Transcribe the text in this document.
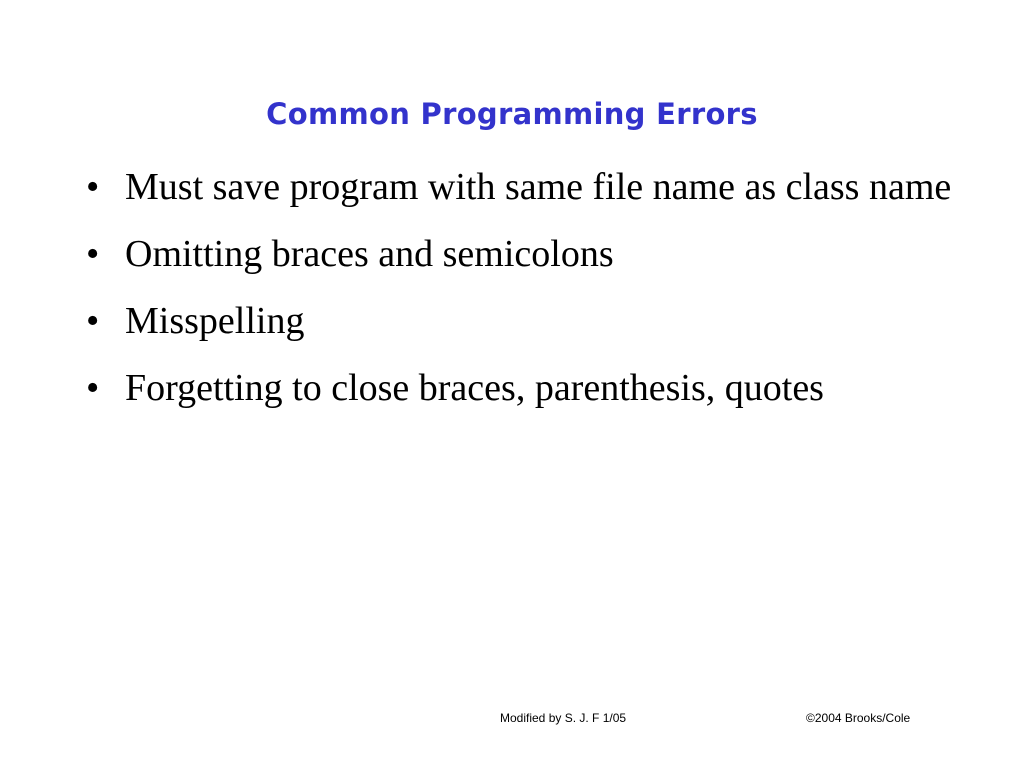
Common Programming Errors
• Must save program with same file name as class name
• Omitting braces and semicolons
• Misspelling
• Forgetting to close braces, parenthesis, quotes
Modified by S. J. F 1/05	©2004 Brooks/Cole
